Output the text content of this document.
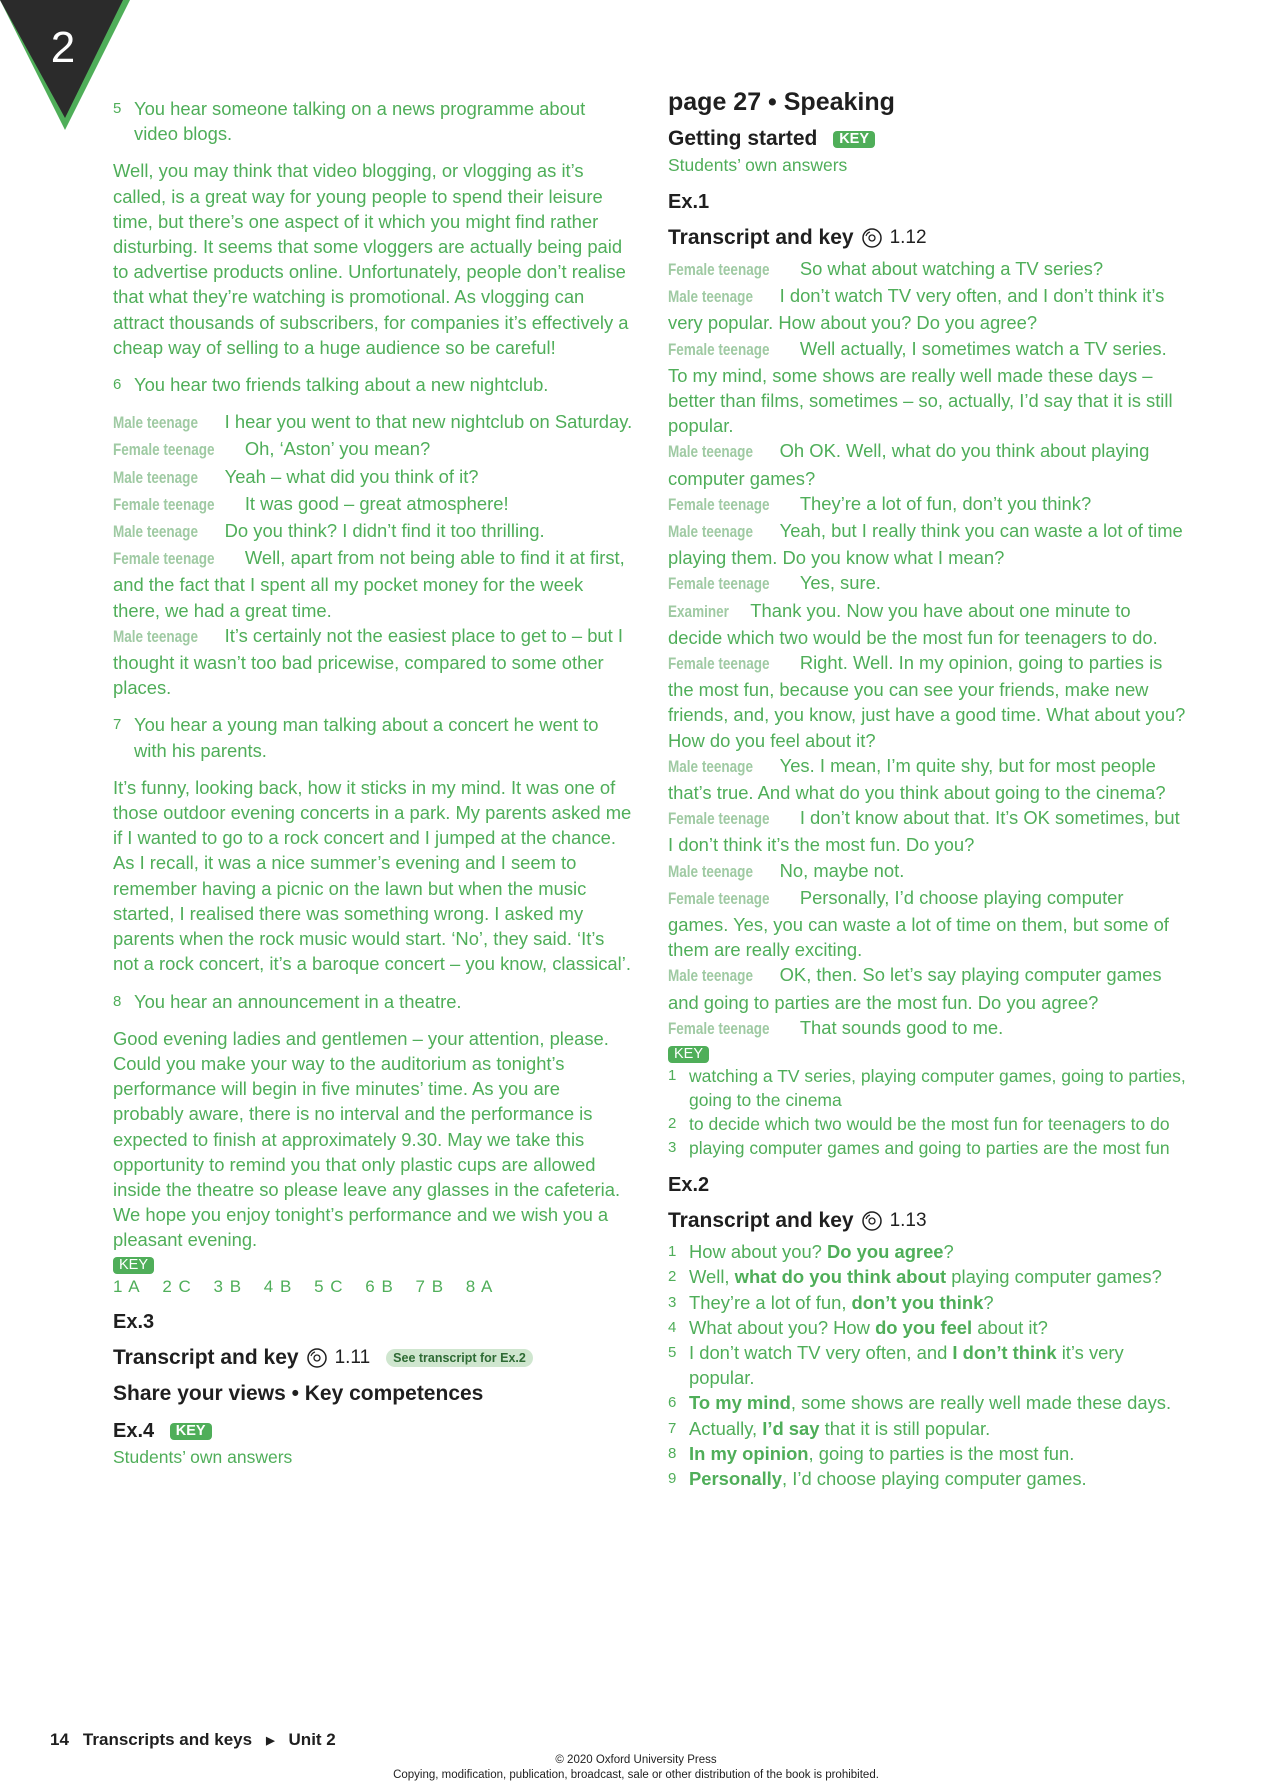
2
5 You hear someone talking on a news programme about video blogs.

Well, you may think that video blogging, or vlogging as it’s called, is a great way for young people to spend their leisure time, but there’s one aspect of it which you might find rather disturbing. It seems that some vloggers are actually being paid to advertise products online. Unfortunately, people don’t realise that what they’re watching is promotional. As vlogging can attract thousands of subscribers, for companies it’s effectively a cheap way of selling to a huge audience so be careful!

6 You hear two friends talking about a new nightclub.

Male teenage I hear you went to that new nightclub on Saturday.

Female teenage Oh, ‘Aston’ you mean?

Male teenage Yeah – what did you think of it?

Female teenage It was good – great atmosphere!

Male teenage Do you think? I didn’t find it too thrilling.

Female teenage Well, apart from not being able to find it at first, and the fact that I spent all my pocket money for the week there, we had a great time.

Male teenage It’s certainly not the easiest place to get to – but I thought it wasn’t too bad pricewise, compared to some other places.

7 You hear a young man talking about a concert he went to with his parents.

It’s funny, looking back, how it sticks in my mind. It was one of those outdoor evening concerts in a park. My parents asked me if I wanted to go to a rock concert and I jumped at the chance. As I recall, it was a nice summer’s evening and I seem to remember having a picnic on the lawn but when the music started, I realised there was something wrong. I asked my parents when the rock music would start. ‘No’, they said. ‘It’s not a rock concert, it’s a baroque concert – you know, classical’.

8 You hear an announcement in a theatre.

Good evening ladies and gentlemen – your attention, please. Could you make your way to the auditorium as tonight’s performance will begin in five minutes’ time. As you are probably aware, there is no interval and the performance is expected to finish at approximately 9.30. May we take this opportunity to remind you that only plastic cups are allowed inside the theatre so please leave any glasses in the cafeteria. We hope you enjoy tonight’s performance and we wish you a pleasant evening.

KEY
1 A 2 C 3 B 4 B 5 C 6 B 7 B 8 A
Ex.3
Transcript and key 1.11	See transcript for Ex.2
Share your views • Key competences
Ex.4 KEY
Students’ own answers
page 27 • Speaking
Getting started KEY
Students’ own answers
Ex.1
Transcript and key 1.12

Female teenage So what about watching a TV series?

Male teenage I don’t watch TV very often, and I don’t think it’s very popular. How about you? Do you agree?

Female teenage Well actually, I sometimes watch a TV series. To my mind, some shows are really well made these days – better than films, sometimes – so, actually, I’d say that it is still popular.

Male teenage Oh OK. Well, what do you think about playing computer games?

Female teenage They’re a lot of fun, don’t you think?

Male teenage Yeah, but I really think you can waste a lot of time playing them. Do you know what I mean?

Female teenage Yes, sure.

Examiner Thank you. Now you have about one minute to decide which two would be the most fun for teenagers to do.

Female teenage Right. Well. In my opinion, going to parties is the most fun, because you can see your friends, make new friends, and, you know, just have a good time. What about you? How do you feel about it?

Male teenage Yes. I mean, I’m quite shy, but for most people that’s true. And what do you think about going to the cinema?

Female teenage I don’t know about that. It’s OK sometimes, but I don’t think it’s the most fun. Do you?

Male teenage No, maybe not.

Female teenage Personally, I’d choose playing computer games. Yes, you can waste a lot of time on them, but some of them are really exciting.

Male teenage OK, then. So let’s say playing computer games and going to parties are the most fun. Do you agree?

Female teenage That sounds good to me.

KEY
1 watching a TV series, playing computer games, going to parties, going to the cinema
2 to decide which two would be the most fun for teenagers to do
3 playing computer games and going to parties are the most fun
Ex.2
Transcript and key 1.13
1 How about you? Do you agree?
2 Well, what do you think about playing computer games?
3 They’re a lot of fun, don’t you think?
4 What about you? How do you feel about it?
5 I don’t watch TV very often, and I don’t think it’s very popular.
6 To my mind, some shows are really well made these days.
7 Actually, I’d say that it is still popular.
8 In my opinion, going to parties is the most fun.
9 Personally, I’d choose playing computer games.
14 Transcripts and keys ▶ Unit 2
© 2020 Oxford University Press
Copying, modification, publication, broadcast, sale or other distribution of the book is prohibited.
